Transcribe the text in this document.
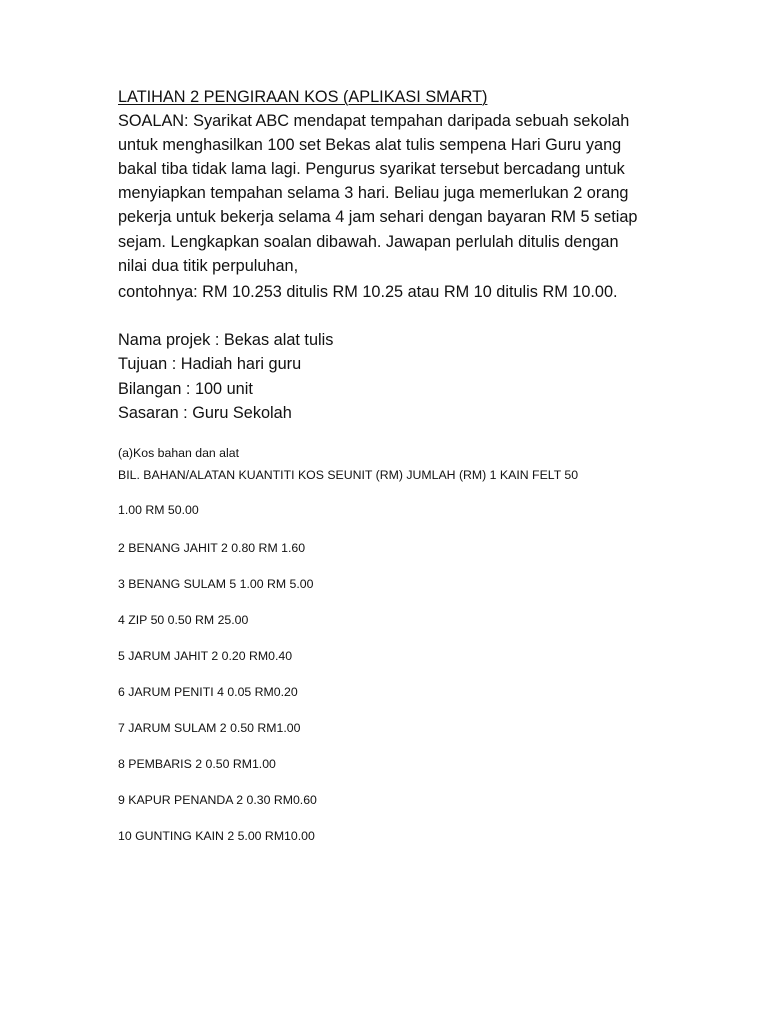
LATIHAN 2 PENGIRAAN KOS (APLIKASI SMART)
SOALAN: Syarikat ABC mendapat tempahan daripada sebuah sekolah
untuk menghasilkan 100 set Bekas alat tulis sempena Hari Guru yang
bakal tiba tidak lama lagi. Pengurus syarikat tersebut bercadang untuk
menyiapkan tempahan selama 3 hari. Beliau juga memerlukan 2 orang
pekerja untuk bekerja selama 4 jam sehari dengan bayaran RM 5 setiap
sejam. Lengkapkan soalan dibawah. Jawapan perlulah ditulis dengan
nilai dua titik perpuluhan,
contohnya: RM 10.253 ditulis RM 10.25 atau RM 10 ditulis RM 10.00.
Nama projek : Bekas alat tulis
Tujuan : Hadiah hari guru
Bilangan : 100 unit
Sasaran : Guru Sekolah
(a)Kos bahan dan alat
BIL. BAHAN/ALATAN KUANTITI KOS SEUNIT (RM) JUMLAH (RM) 1 KAIN FELT 50
1.00 RM 50.00
2 BENANG JAHIT 2 0.80 RM 1.60
3 BENANG SULAM 5 1.00 RM 5.00
4 ZIP 50 0.50 RM 25.00
5 JARUM JAHIT 2 0.20 RM0.40
6 JARUM PENITI 4 0.05 RM0.20
7 JARUM SULAM 2 0.50 RM1.00
8 PEMBARIS 2 0.50 RM1.00
9 KAPUR PENANDA 2 0.30 RM0.60
10 GUNTING KAIN 2 5.00 RM10.00
